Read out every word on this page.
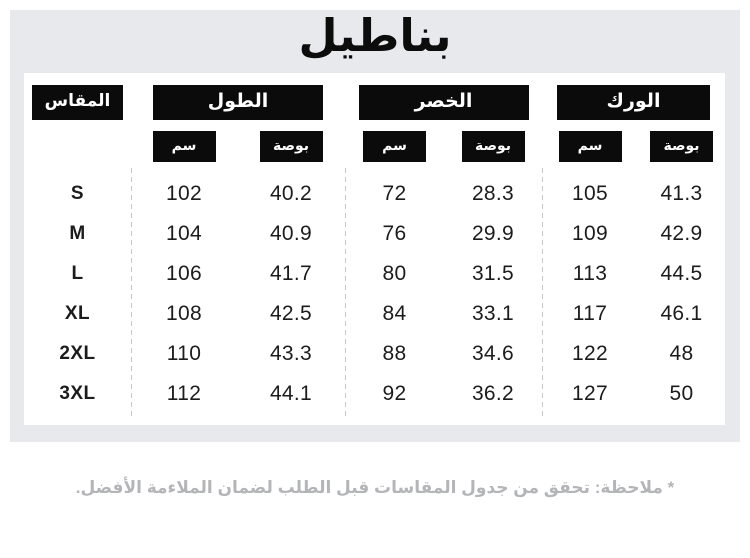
بناطيل
المقاس	الطول	الخصر	الورك
سم	بوصة	سم	بوصة	سم	بوصة
S	102	40.2	72	28.3	105	41.3
M	104	40.9	76	29.9	109	42.9
L	106	41.7	80	31.5	113	44.5
XL	108	42.5	84	33.1	117	46.1
2XL	110	43.3	88	34.6	122	48
3XL	112	44.1	92	36.2	127	50
* ملاحظة: تحقق من جدول المقاسات قبل الطلب لضمان الملاءمة الأفضل.
